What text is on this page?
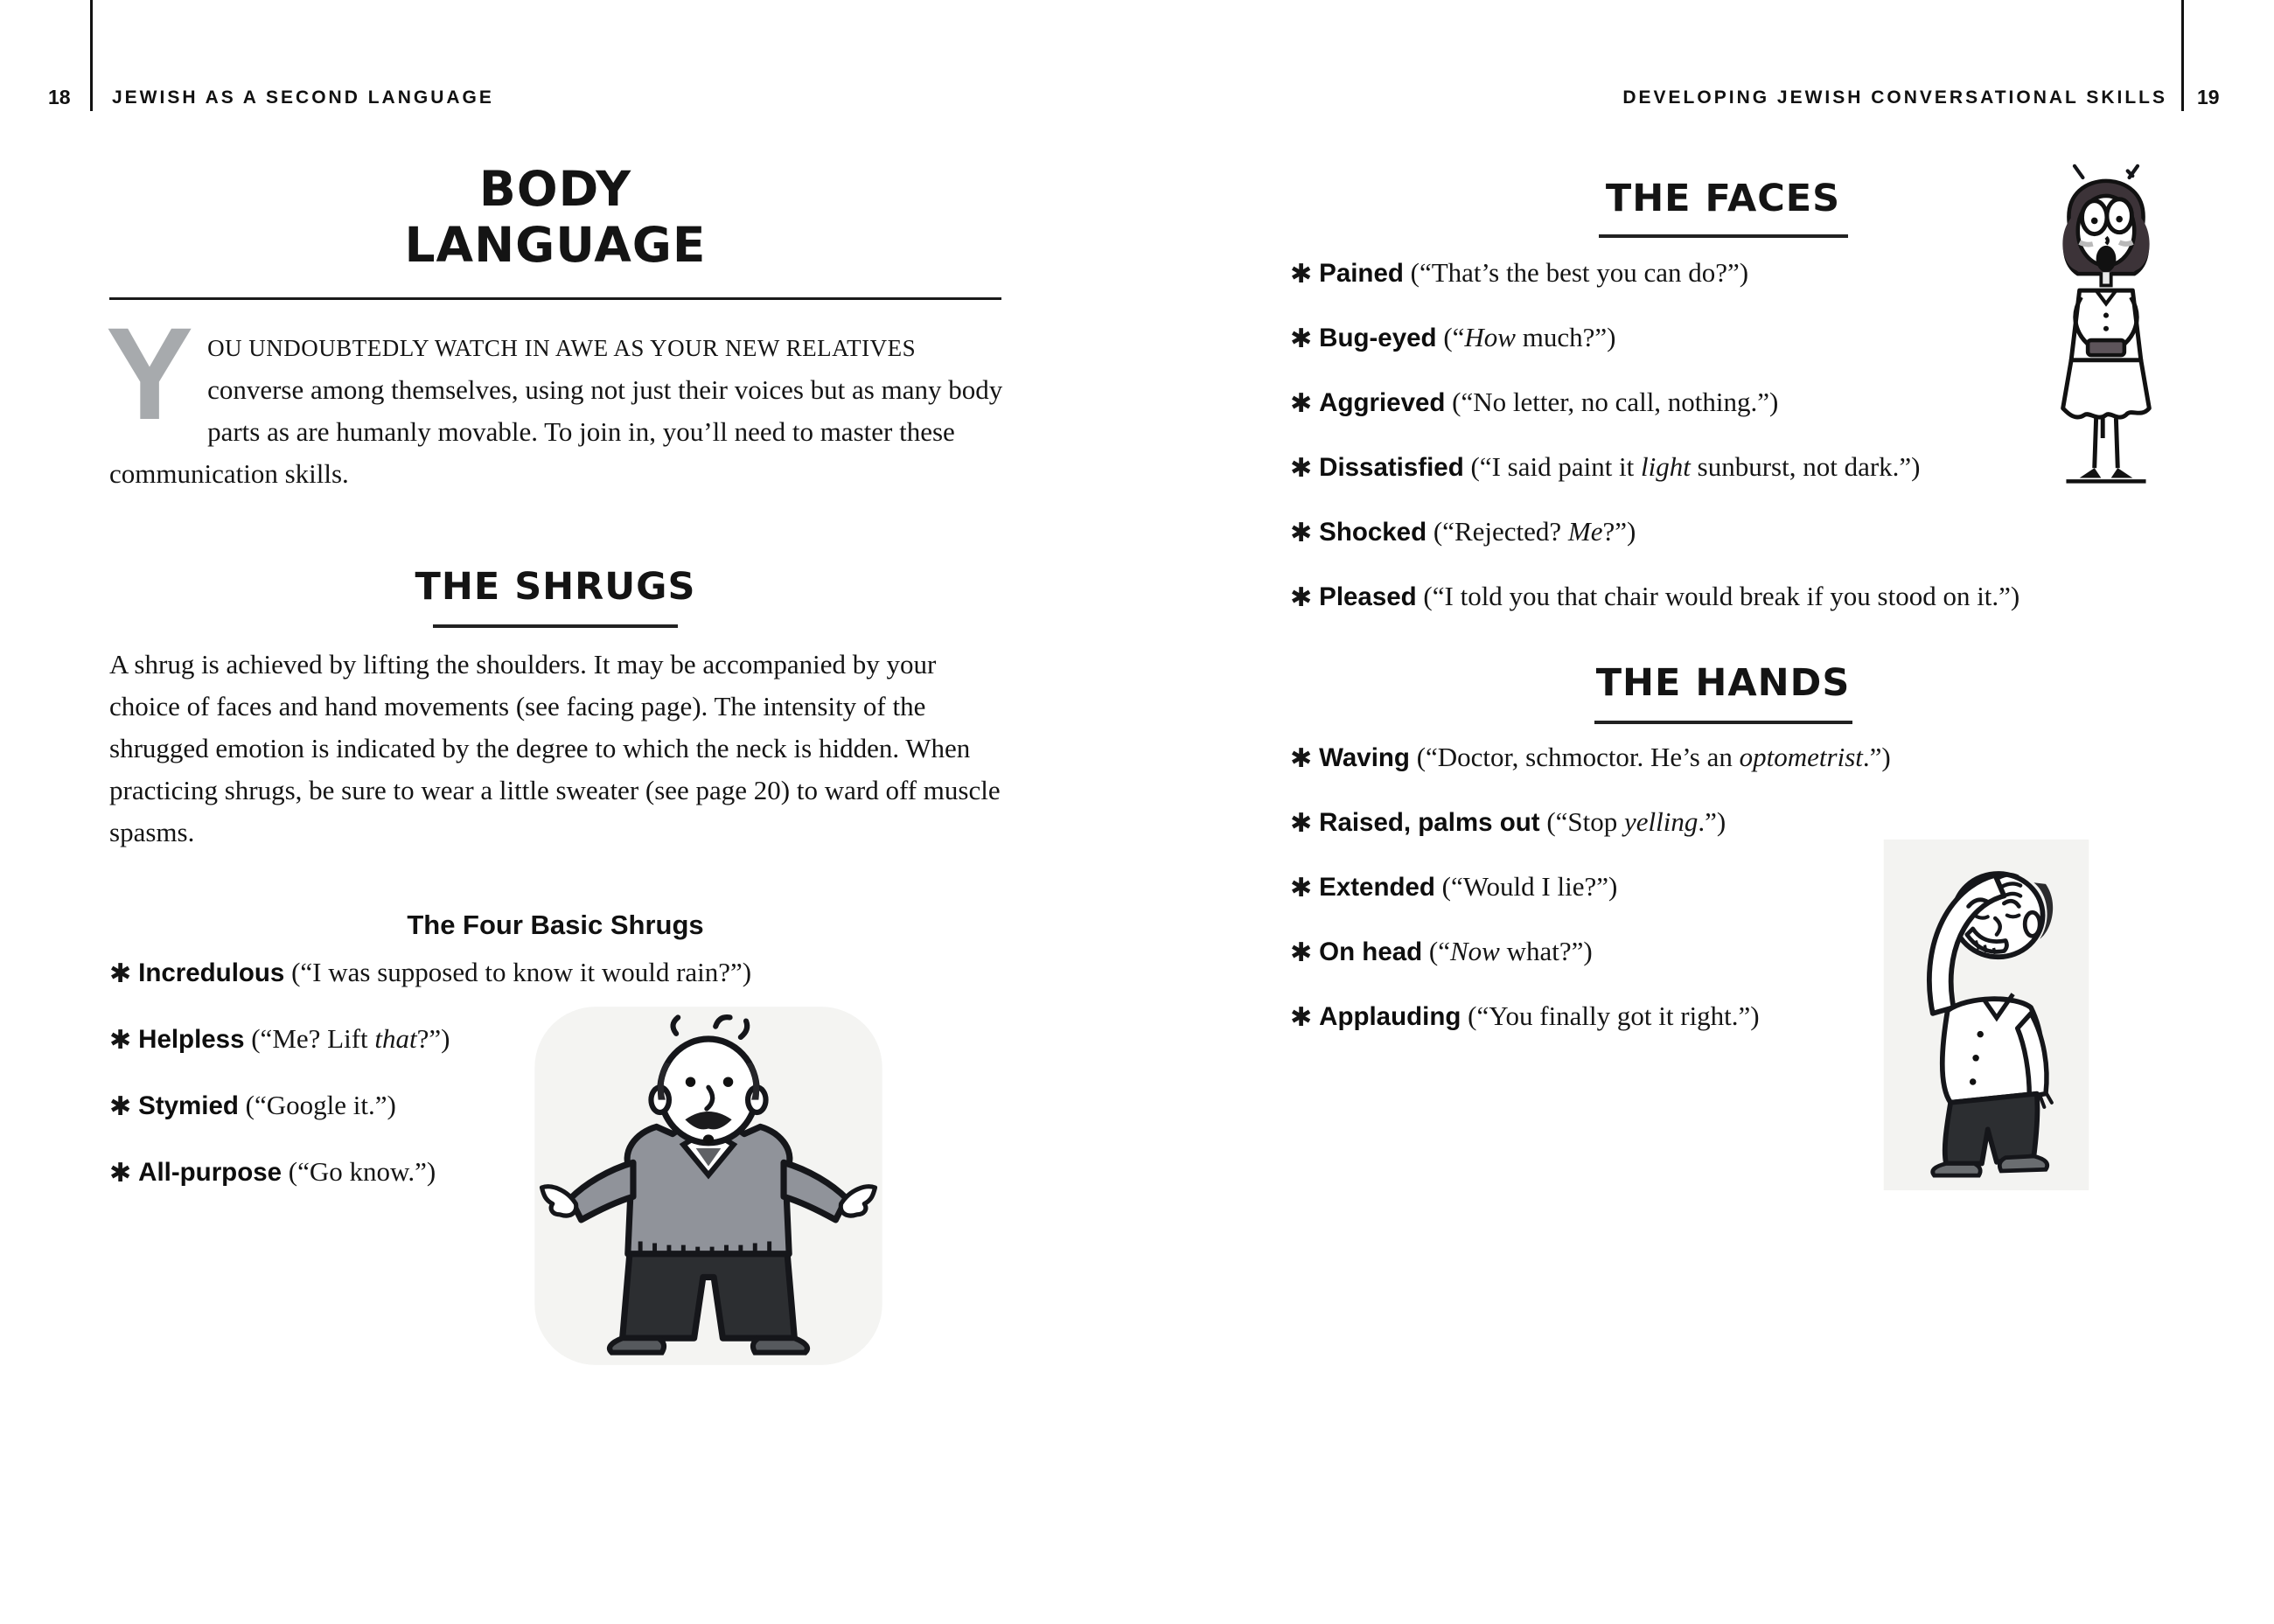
18 JEWISH AS A SECOND LANGUAGE	DEVELOPING JEWISH CONVERSATIONAL SKILLS 19
BODY
LANGUAGE
Y OU UNDOUBTEDLY WATCH IN AWE AS YOUR NEW RELATIVES
converse among themselves, using not just their voices but as many body parts as are humanly movable. To join in, you’ll need to master these communication skills.
THE SHRUGS
A shrug is achieved by lifting the shoulders. It may be accompanied by your choice of faces and hand movements (see facing page). The intensity of the shrugged emotion is indicated by the degree to which the neck is hidden. When practicing shrugs, be sure to wear a little sweater (see page 20) to ward off muscle spasms.
The Four Basic Shrugs
✱ Incredulous (“I was supposed to know it would rain?”)
✱ Helpless (“Me? Lift that?”)
✱ Stymied (“Google it.”)
✱ All-purpose (“Go know.”)
THE FACES
✱ Pained (“That’s the best you can do?”)
✱ Bug-eyed (“How much?”)
✱ Aggrieved (“No letter, no call, nothing.”)
✱ Dissatisfied (“I said paint it light sunburst, not dark.”)
✱ Shocked (“Rejected? Me?”)
✱ Pleased (“I told you that chair would break if you stood on it.”)
THE HANDS
✱ Waving (“Doctor, schmoctor. He’s an optometrist.”)
✱ Raised, palms out (“Stop yelling.”)
✱ Extended (“Would I lie?”)
✱ On head (“Now what?”)
✱ Applauding (“You finally got it right.”)
